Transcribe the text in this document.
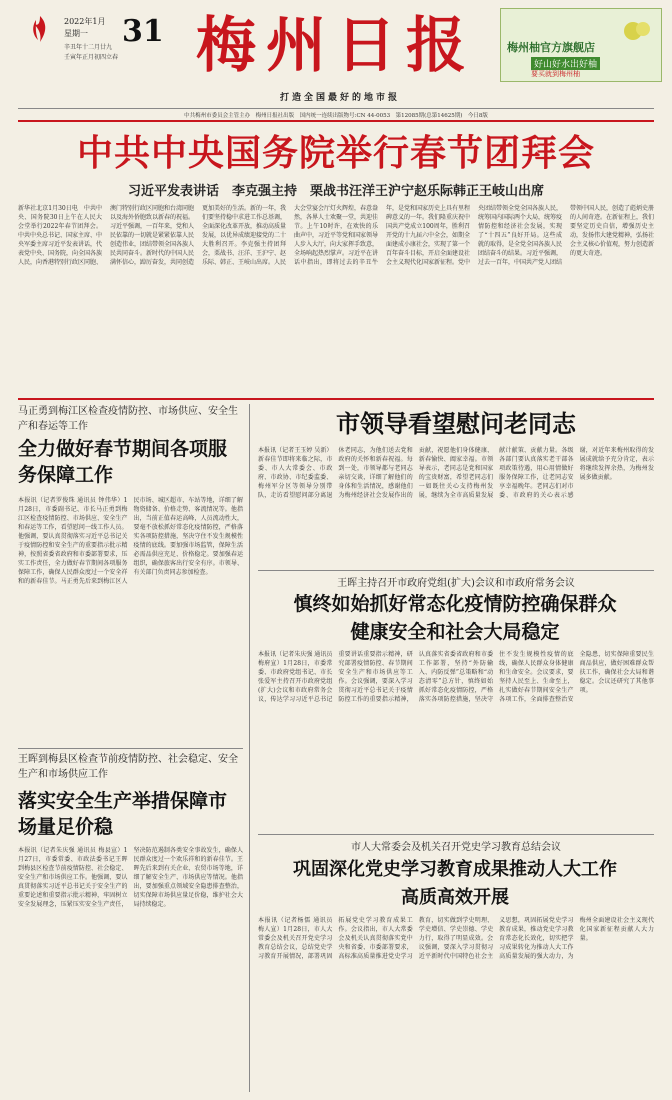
2022年1月
星期一 31
辛丑年十二月廿九
壬寅年正月初四立春 梅州日报
打造全国最好的地市报
梅州柚官方旗舰店
好山好水出好柚
要买就到梅州柚
中共梅州市委员会主管主办　梅州日报社出版　国内统一连续出版物号:CN 44-0053　第12085期(总第14625期)　今日8版
中共中央国务院举行春节团拜会
习近平发表讲话　李克强主持　栗战书汪洋王沪宁赵乐际韩正王岐山出席
新华社北京1月30日电　中共中央、国务院30日上午在人民大会堂举行2022年春节团拜会。中共中央总书记、国家主席、中央军委主席习近平发表讲话，代表党中央、国务院，向全国各族人民，向香港特别行政区同胞、澳门特别行政区同胞和台湾同胞以及海外侨胞致以新春的祝福。习近平强调，一百年来，党和人民依靠的一切就是紧紧依靠人民创造伟业，团结带领全国各族人民共同奋斗。新时代的中国人民满怀信心，踔厉奋发，共同创造更加美好的生活。新的一年，我们要坚持稳中求进工作总基调，全面深化改革开放，推动高质量发展，以优异成绩迎接党的二十大胜利召开。李克强主持团拜会，栗战书、汪洋、王沪宁、赵乐际、韩正、王岐山出席。人民大会堂宴会厅灯火辉煌，春意盎然，各界人士欢聚一堂，共迎佳节。上午10时许，在欢快的乐曲声中，习近平等党和国家领导人步入大厅，向大家挥手致意，全场响起热烈掌声。习近平在讲话中指出，即将过去的辛丑牛年，是党和国家历史上具有里程碑意义的一年。我们隆重庆祝中国共产党成立100周年，胜利召开党的十九届六中全会，如期全面建成小康社会，实现了第一个百年奋斗目标，开启全面建设社会主义现代化国家新征程。党中央团结带领全党全国各族人民，统筹国内国际两个大局，统筹疫情防控和经济社会发展，实现了“十四五”良好开局。这些成就的取得，是全党全国各族人民团结奋斗的结果。习近平强调，过去一百年，中国共产党人团结带领中国人民，创造了彪炳史册的人间奇迹。在新征程上，我们要坚定历史自信，增强历史主动，发扬伟大建党精神，弘扬社会主义核心价值观，努力创造新的更大奇迹。
马正勇到梅江区检查疫情防控、市场供应、安全生产和春运等工作
全力做好春节期间各项服务保障工作
本报讯（记者罗俊珠 通讯员 钟伟华）1月28日，市委副书记、市长马正勇到梅江区检查疫情防控、市场供应、安全生产和春运等工作，看望慰问一线工作人员。他强调，要认真贯彻落实习近平总书记关于疫情防控和安全生产的重要指示批示精神，按照省委省政府和市委部署要求，压实工作责任，全力做好春节期间各项服务保障工作，确保人民群众度过一个安全祥和的新春佳节。马正勇先后来到梅江区人民市场、城区超市、车站等地，详细了解物资储备、价格走势、客流情况等。他指出，当前正值春运高峰，人员流动性大，要毫不放松抓好常态化疫情防控，严格落实各项防控措施，坚决守住不发生规模性疫情的底线。要加强市场监管，保障生活必需品供应充足、价格稳定。要加强春运组织，确保旅客出行安全有序。市领导、有关部门负责同志参加检查。
王晖到梅县区检查节前疫情防控、社会稳定、安全生产和市场供应工作
落实安全生产举措保障市场量足价稳
本报讯（记者朱庆强 通讯员 梅县宣）1月27日，市委常委、市政法委书记王晖到梅县区检查节前疫情防控、社会稳定、安全生产和市场供应工作。他强调，要认真贯彻落实习近平总书记关于安全生产的重要论述和重要指示批示精神，牢固树立安全发展理念，压紧压实安全生产责任，坚决防范遏制各类安全事故发生，确保人民群众度过一个欢乐祥和的新春佳节。王晖先后来到有关企业、农贸市场等地，详细了解安全生产、市场供应等情况。他指出，要加强重点领域安全隐患排查整治，切实保障市场供应量足价稳，维护社会大局持续稳定。
市领导看望慰问老同志
本报讯（记者王玉婷 吴新）新春佳节即将来临之际，市委、市人大常委会、市政府、市政协、市纪委监委、梅州军分区等领导分别带队，走访看望慰问部分离退休老同志，为他们送去党和政府的关怀和新春祝福。每到一处，市领导都与老同志亲切交谈，详细了解他们的身体和生活情况，感谢他们为梅州经济社会发展作出的贡献，祝愿他们身体健康、新春愉快、阖家幸福。市领导表示，老同志是党和国家的宝贵财富，希望老同志们一如既往关心支持梅州发展，继续为全市高质量发展献计献策、贡献力量。各级各部门要认真落实老干部各项政策待遇，用心用情做好服务保障工作，让老同志安享幸福晚年。老同志们对市委、市政府的关心表示感谢，对近年来梅州取得的发展成就给予充分肯定，表示将继续发挥余热，为梅州发展多做贡献。
王晖主持召开市政府党组(扩大)会议和市政府常务会议
慎终如始抓好常态化疫情防控确保群众健康安全和社会大局稳定
本报讯（记者朱庆强 通讯员 梅府宣）1月28日，市委常委、市政府党组书记、市长张爱军主持召开市政府党组(扩大)会议和市政府常务会议，传达学习习近平总书记重要讲话重要指示精神，研究部署疫情防控、春节期间安全生产和市场供应等工作。会议强调，要深入学习贯彻习近平总书记关于疫情防控工作的重要指示精神，认真落实省委省政府和市委工作部署，坚持“外防输入、内防反弹”总策略和“动态清零”总方针，慎终如始抓好常态化疫情防控，严格落实各项防控措施，坚决守住不发生规模性疫情的底线，确保人民群众身体健康和生命安全。会议要求，要坚持人民至上、生命至上，扎实做好春节期间安全生产各项工作，全面排查整治安全隐患，切实保障重要民生商品供应，做好困难群众帮扶工作，确保社会大局和谐稳定。会议还研究了其他事项。
市人大常委会及机关召开党史学习教育总结会议
巩固深化党史学习教育成果推动人大工作高质高效开展
本报讯（记者杨儒 通讯员 梅人宣）1月28日，市人大常委会及机关召开党史学习教育总结会议，总结党史学习教育开展情况，部署巩固拓展党史学习教育成果工作。会议指出，市人大常委会及机关认真贯彻落实党中央和省委、市委部署要求，高标准高质量推进党史学习教育，切实做到学史明理、学史增信、学史崇德、学史力行，取得了明显成效。会议强调，要深入学习贯彻习近平新时代中国特色社会主义思想，巩固拓展党史学习教育成果，推动党史学习教育常态化长效化，切实把学习成果转化为推动人大工作高质量发展的强大动力，为梅州全面建设社会主义现代化国家新征程贡献人大力量。
